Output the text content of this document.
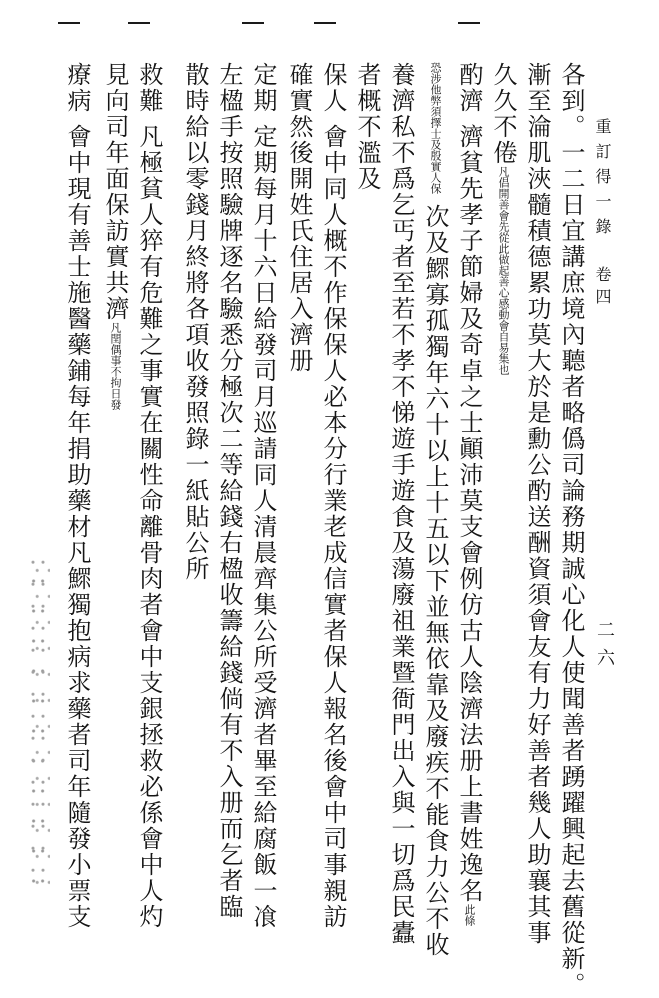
重訂得一錄
卷四
二六
各到。一二日宜講庶境內聽者略僞司論務期誠心化人使聞善者踴躍興起去舊從新。
漸至淪肌浹髓積德累功莫大於是勳公酌送酬資須會友有力好善者幾人助襄其事
久久不倦凡倡開善會先從此做起善心感動會自易集也
酌濟 濟貧先孝子節婦及奇卓之士顚沛莫支會例仿古人陰濟法册上書姓逸名此條
恐涉他弊須擇士及殷實人保 次及鰥寡孤獨年六十以上十五以下並無依靠及廢疾不能食力公不收
養濟私不爲乞丐者至若不孝不悌遊手遊食及蕩廢祖業暨衙門出入與一切爲民蠹
者概不濫及
保人 會中同人概不作保保人必本分行業老成信實者保人報名後會中司事親訪
確實然後開姓氏住居入濟册
定期 定期每月十六日給發司月巡請同人清晨齊集公所受濟者畢至給腐飯一飡
左楹手按照驗牌逐名驗悉分極次二等給錢右楹收籌給錢倘有不入册而乞者臨
散時給以零錢月終將各項收發照錄一紙貼公所
救難 凡極貧人猝有危難之事實在關性命離骨肉者會中支銀拯救必係會中人灼
見向司年面保訪實共濟凡閏偶事不拘日發
療病 會中現有善士施醫藥鋪每年捐助藥材凡鰥獨抱病求藥者司年隨發小票支
